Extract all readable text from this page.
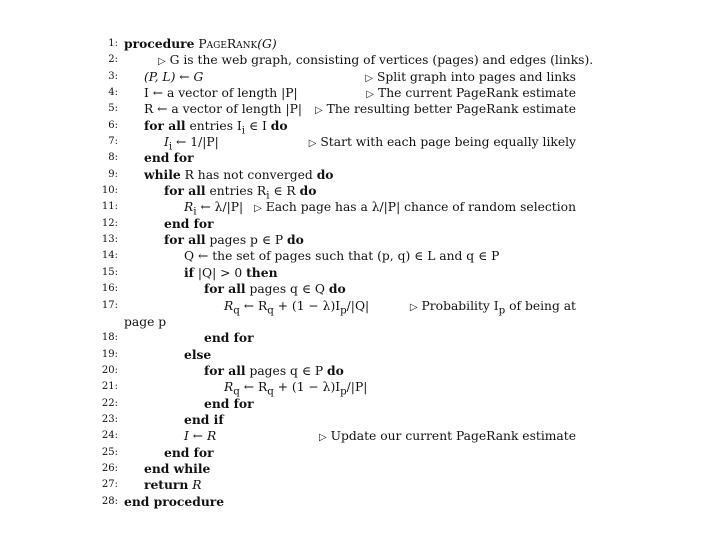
1: procedure PageRank(G)
2:	▷ G is the web graph, consisting of vertices (pages) and edges (links).
3:	(P, L) ← G	▷ Split graph into pages and links
4:	I ← a vector of length |P|	▷ The current PageRank estimate
5:	R ← a vector of length |P| ▷ The resulting better PageRank estimate
6:	for all entries $I_i$ ∈ I do
7:	$I_i$ ← 1/|P|	▷ Start with each page being equally likely
8:	end for
9:	while R has not converged do
10:	for all entries $R_i$ ∈ R do
11:	$R_i$ ← λ/|P| ▷ Each page has a λ/|P| chance of random selection
12:	end for
13:	for all pages p ∈ P do
14:	Q ← the set of pages such that (p, q) ∈ L and q ∈ P
15:	if |Q| > 0 then
16:	for all pages q ∈ Q do
17:	$R_q$ ← $R_q + (1 - \lambda)I_p/|Q|$	▷ Probability $I_p$ of being at
page p
18:	end for
19:	else
20:	for all pages q ∈ P do
21:	$R_q$ ← $R_q + (1 - \lambda)I_p/|P|$
22:	end for
23:	end if
24:	I ← R	▷ Update our current PageRank estimate
25:	end for
26:	end while
27:	return R
28: end procedure
